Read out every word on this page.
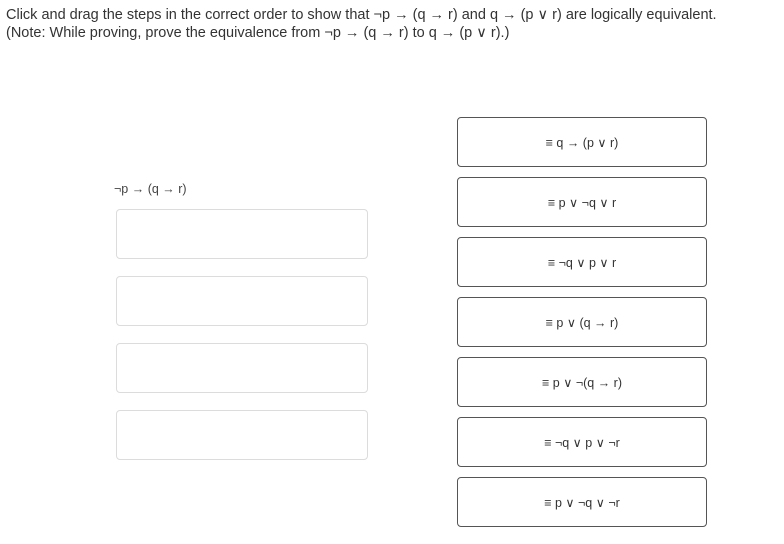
Click and drag the steps in the correct order to show that ¬p → (q → r) and q → (p ∨ r) are logically equivalent.
(Note: While proving, prove the equivalence from ¬p → (q → r) to q → (p ∨ r).)
¬p → (q → r)
≡ q → (p ∨ r)
≡ p ∨ ¬q ∨ r
≡ ¬q ∨ p ∨ r
≡ p ∨ (q → r)
≡ p ∨ ¬(q → r)
≡ ¬q ∨ p ∨ ¬r
≡ p ∨ ¬q ∨ ¬r
